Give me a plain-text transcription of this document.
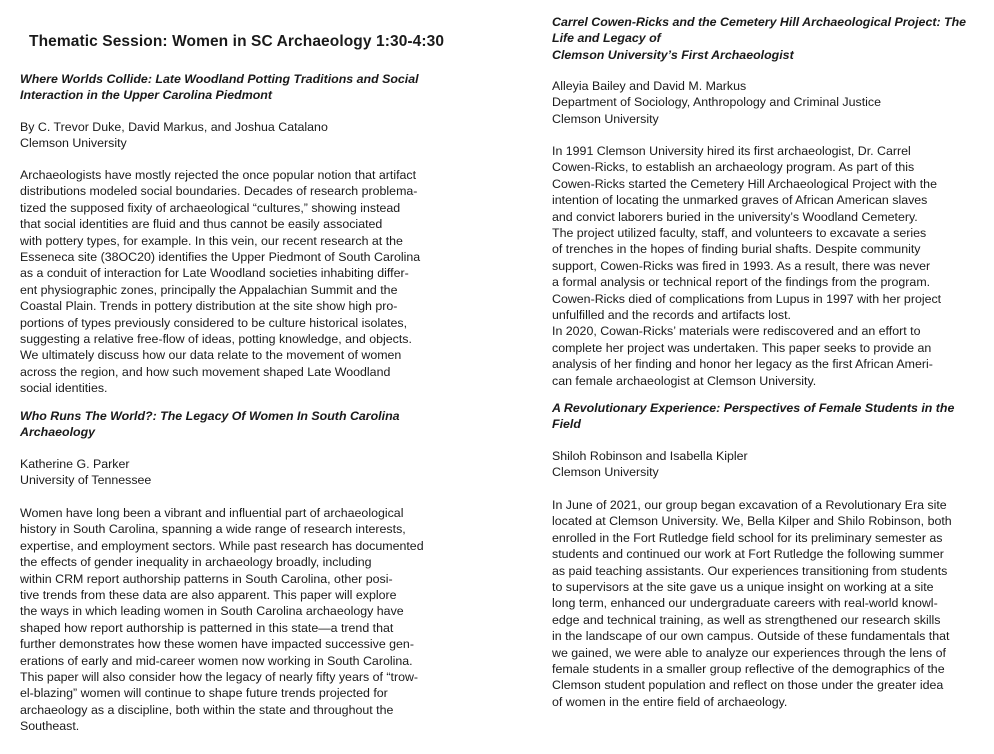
Thematic Session: Women in SC Archaeology 1:30-4:30
Where Worlds Collide: Late Woodland Potting Traditions and Social
Interaction in the Upper Carolina Piedmont
By C. Trevor Duke, David Markus, and Joshua Catalano
Clemson University

Archaeologists have mostly rejected the once popular notion that artifact
distributions modeled social boundaries. Decades of research problema-
tized the supposed fixity of archaeological “cultures,” showing instead
that social identities are fluid and thus cannot be easily associated
with pottery types, for example. In this vein, our recent research at the
Esseneca site (38OC20) identifies the Upper Piedmont of South Carolina
as a conduit of interaction for Late Woodland societies inhabiting differ-
ent physiographic zones, principally the Appalachian Summit and the
Coastal Plain. Trends in pottery distribution at the site show high pro-
portions of types previously considered to be culture historical isolates,
suggesting a relative free-flow of ideas, potting knowledge, and objects.
We ultimately discuss how our data relate to the movement of women
across the region, and how such movement shaped Late Woodland
social identities.

Who Runs The World?: The Legacy Of Women In South Carolina
Archaeology
Katherine G. Parker
University of Tennessee

Women have long been a vibrant and influential part of archaeological
history in South Carolina, spanning a wide range of research interests,
expertise, and employment sectors. While past research has documented
the effects of gender inequality in archaeology broadly, including
within CRM report authorship patterns in South Carolina, other posi-
tive trends from these data are also apparent. This paper will explore
the ways in which leading women in South Carolina archaeology have
shaped how report authorship is patterned in this state—a trend that
further demonstrates how these women have impacted successive gen-
erations of early and mid-career women now working in South Carolina.
This paper will also consider how the legacy of nearly fifty years of “trow-
el-blazing” women will continue to shape future trends projected for
archaeology as a discipline, both within the state and throughout the
Southeast.

Carrel Cowen-Ricks and the Cemetery Hill Archaeological Project: The
Life and Legacy of
Clemson University’s First Archaeologist
Alleyia Bailey and David M. Markus
Department of Sociology, Anthropology and Criminal Justice
Clemson University

In 1991 Clemson University hired its first archaeologist, Dr. Carrel
Cowen-Ricks, to establish an archaeology program. As part of this
Cowen-Ricks started the Cemetery Hill Archaeological Project with the
intention of locating the unmarked graves of African American slaves
and convict laborers buried in the university’s Woodland Cemetery.
The project utilized faculty, staff, and volunteers to excavate a series
of trenches in the hopes of finding burial shafts. Despite community
support, Cowen-Ricks was fired in 1993. As a result, there was never
a formal analysis or technical report of the findings from the program.
Cowen-Ricks died of complications from Lupus in 1997 with her project
unfulfilled and the records and artifacts lost.

In 2020, Cowan-Ricks’ materials were rediscovered and an effort to
complete her project was undertaken. This paper seeks to provide an
analysis of her finding and honor her legacy as the first African Ameri-
can female archaeologist at Clemson University.

A Revolutionary Experience: Perspectives of Female Students in the
Field
Shiloh Robinson and Isabella Kipler
Clemson University

In June of 2021, our group began excavation of a Revolutionary Era site
located at Clemson University. We, Bella Kilper and Shilo Robinson, both
enrolled in the Fort Rutledge field school for its preliminary semester as
students and continued our work at Fort Rutledge the following summer
as paid teaching assistants. Our experiences transitioning from students
to supervisors at the site gave us a unique insight on working at a site
long term, enhanced our undergraduate careers with real-world knowl-
edge and technical training, as well as strengthened our research skills
in the landscape of our own campus. Outside of these fundamentals that
we gained, we were able to analyze our experiences through the lens of
female students in a smaller group reflective of the demographics of the
Clemson student population and reflect on those under the greater idea
of women in the entire field of archaeology.
